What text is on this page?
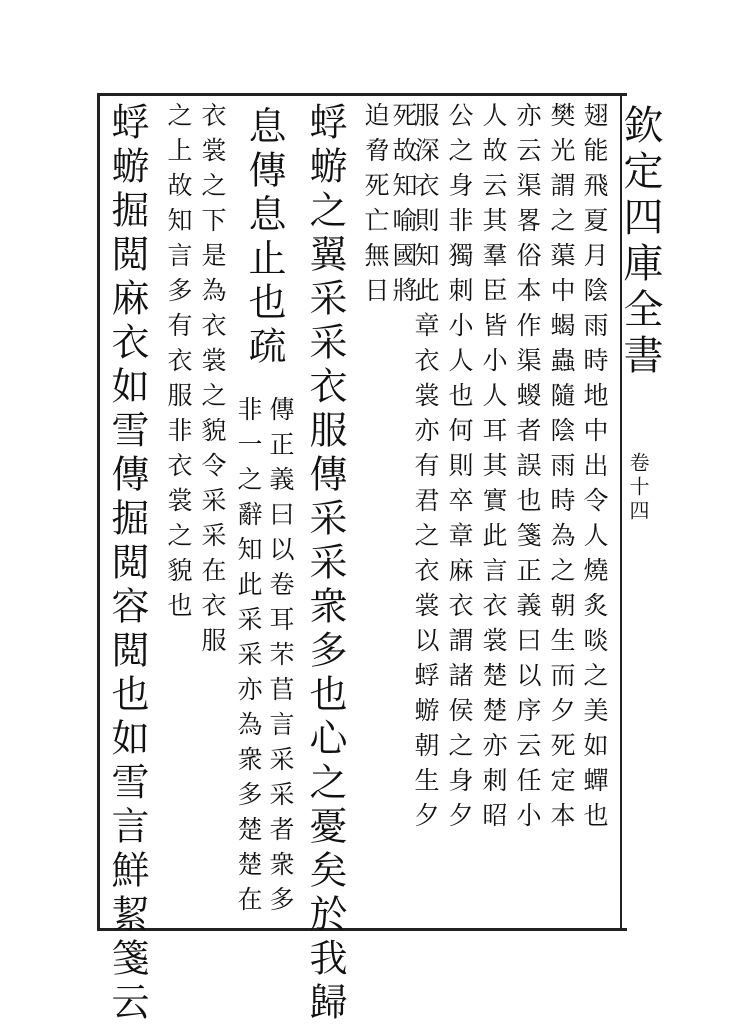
欽定四庫全書
卷十四
翅能飛夏月陰雨時地中出令人燒炙啖之美如蟬也
樊光謂之蕖中蝎蟲隨陰雨時為之朝生而夕死定本
亦云渠畧俗本作渠蝬者誤也箋正義曰以序云任小
人故云其羣臣皆小人耳其實此言衣裳楚楚亦刺昭
公之身非獨刺小人也何則卒章麻衣謂諸侯之身夕
服深衣則知此章衣裳亦有君之衣裳以蜉蝣朝生夕
死故知喻國將
迫脅死亡無日
蜉蝣之翼采采衣服傳采采衆多也心之憂矣於我歸
傳正義曰以卷耳芣苢言采采者衆多
非一之辭知此采采亦為衆多楚楚在
息傳息止也疏
衣裳之下是為衣裳之貌令采采在衣服
之上故知言多有衣服非衣裳之貌也
蜉蝣掘閲麻衣如雪傳掘閲容閲也如雪言鮮絜箋云
